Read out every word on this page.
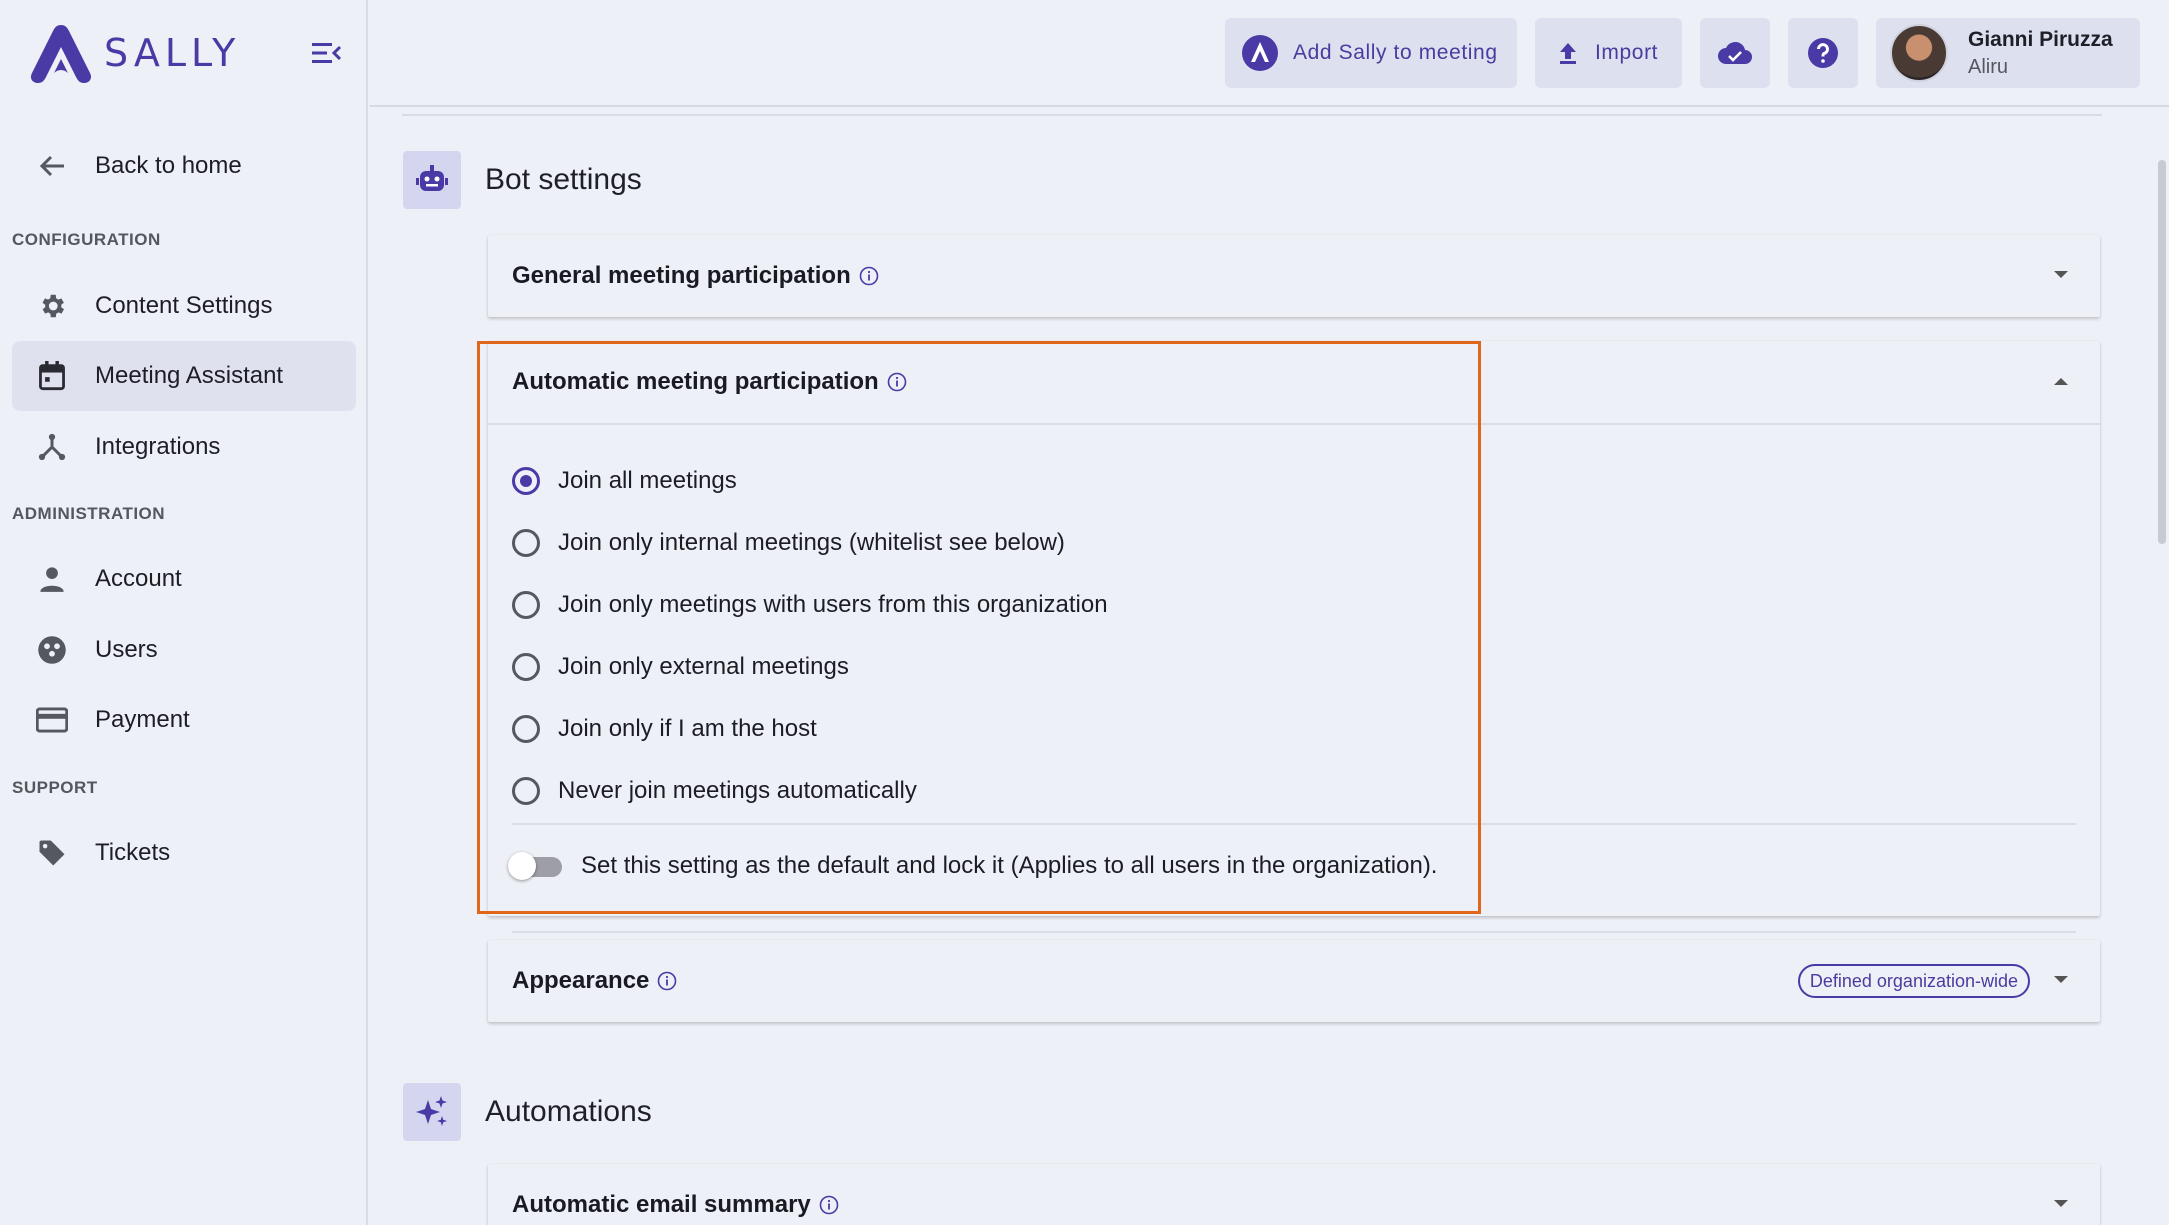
SALLY
Back to home
CONFIGURATION
Content Settings
Meeting Assistant
Integrations
ADMINISTRATION
Account
Users
Payment
SUPPORT
Tickets
Add Sally to meeting	Import
Gianni Piruzza
Aliru
Bot settings
General meeting participation
Automatic meeting participation
Join all meetings
Join only internal meetings (whitelist see below)
Join only meetings with users from this organization
Join only external meetings
Join only if I am the host
Never join meetings automatically
Set this setting as the default and lock it (Applies to all users in the organization).
Appearance	Defined organization-wide
Automations
Automatic email summary
